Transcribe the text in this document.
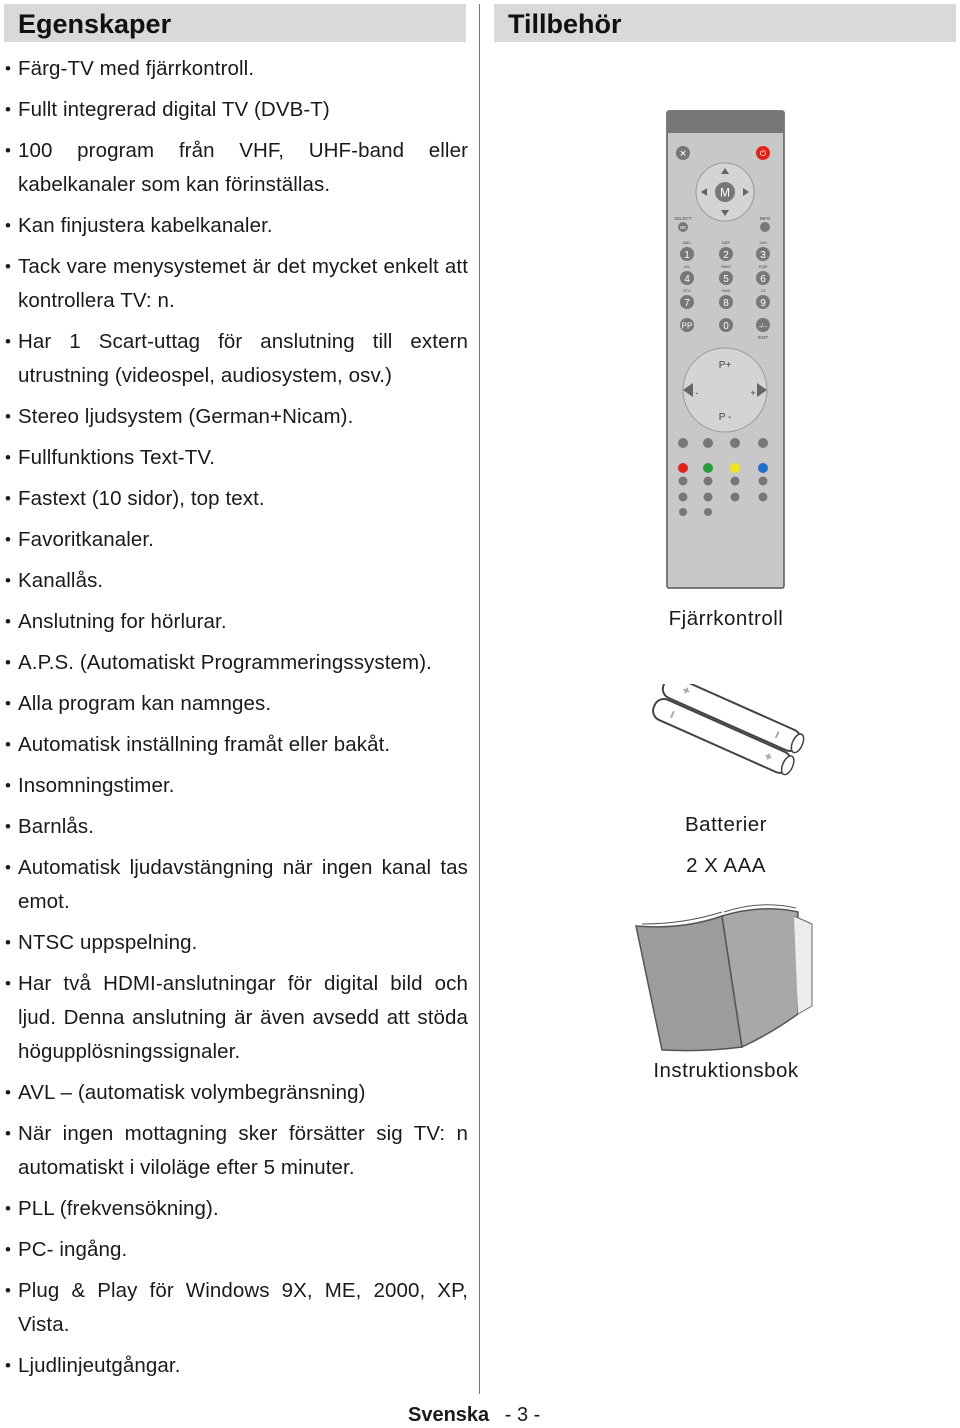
Egenskaper	Tillbehör
• Färg-TV med fjärrkontroll.
• Fullt integrerad digital TV (DVB-T)
• 100 program från VHF, UHF-band eller kabelkanaler som kan förinställas.
• Kan finjustera kabelkanaler.
• Tack vare menysystemet är det mycket enkelt att kontrollera TV: n.
• Har 1 Scart-uttag för anslutning till extern utrustning (videospel, audiosystem, osv.)
• Stereo ljudsystem (German+Nicam).
• Fullfunktions Text-TV.
• Fastext (10 sidor), top text.
• Favoritkanaler.
• Kanallås.
• Anslutning for hörlurar.
• A.P.S. (Automatiskt Programmeringssystem).
• Alla program kan namnges.
• Automatisk inställning framåt eller bakåt.
• Insomningstimer.
• Barnlås.
• Automatisk ljudavstängning när ingen kanal tas emot.
• NTSC uppspelning.
• Har två HDMI-anslutningar för digital bild och ljud. Denna anslutning är även avsedd att stöda högupplösningssignaler.
• AVL – (automatisk volymbegränsning)
• När ingen mottagning sker försätter sig TV: n automatiskt i viloläge efter 5 minuter.
• PLL (frekvensökning).
• PC- ingång.
• Plug & Play för Windows 9X, ME, 2000, XP, Vista.
• Ljudlinjeutgångar.
✕	⏻
M
SELECT
OK
INFO
ABC	DEF	GHI
1	2	3
JKL	MNO	PQR
4	5	6
STU	VWX	YZ
7	8	9
PP	0	-/--
EXIT
P+
P -
-	+
Fjärrkontroll
Batterier
2 X AAA
Instruktionsbok
Svenska - 3 -
